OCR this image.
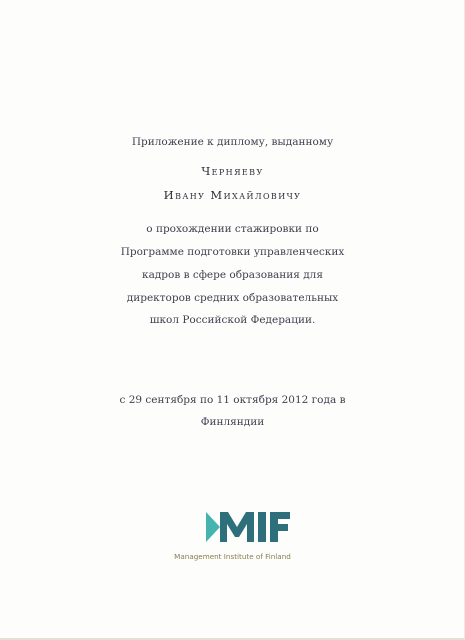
Приложение к диплому, выданному
Черняеву
Ивану Михайловичу
о прохождении стажировки по
Программе подготовки управленческих
кадров в сфере образования для
директоров средних образовательных
школ Российской Федерации.
с 29 сентября по 11 октября 2012 года в
Финляндии
Management Institute of Finland
